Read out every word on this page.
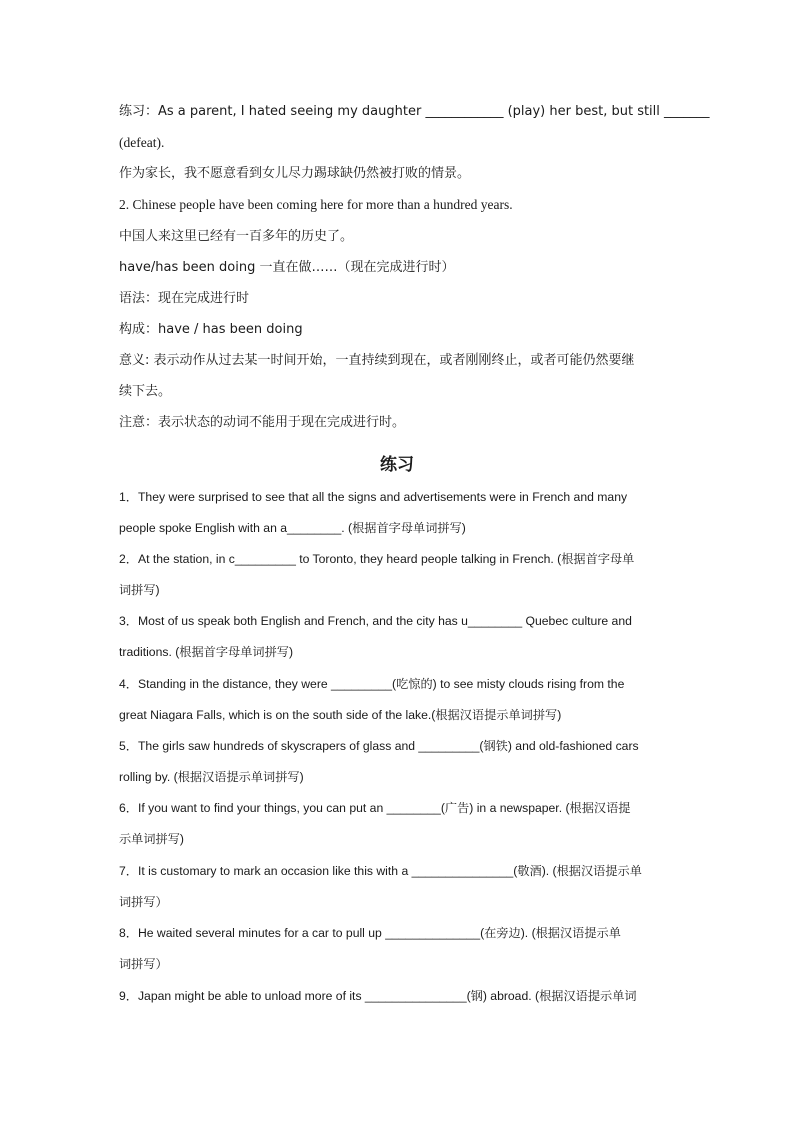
练习：As a parent, I hated seeing my daughter ____________ (play) her best, but still _______
(defeat).
作为家长，我不愿意看到女儿尽力踢球缺仍然被打败的情景。
2. Chinese people have been coming here for more than a hundred years.
中国人来这里已经有一百多年的历史了。
have/has been doing 一直在做……（现在完成进行时）
语法：现在完成进行时
构成：have / has been doing
意义: 表示动作从过去某一时间开始，一直持续到现在，或者刚刚终止，或者可能仍然要继
续下去。
注意：表示状态的动词不能用于现在完成进行时。
练习
1．They were surprised to see that all the signs and advertisements were in French and many
people spoke English with an a________. (根据首字母单词拼写)
2．At the station, in c_________ to Toronto, they heard people talking in French. (根据首字母单
词拼写)
3．Most of us speak both English and French, and the city has u________ Quebec culture and
traditions. (根据首字母单词拼写)
4．Standing in the distance, they were _________(吃惊的) to see misty clouds rising from the
great Niagara Falls, which is on the south side of the lake.(根据汉语提示单词拼写)
5．The girls saw hundreds of skyscrapers of glass and _________(钢铁) and old-fashioned cars
rolling by. (根据汉语提示单词拼写)
6．If you want to find your things, you can put an ________(广告) in a newspaper. (根据汉语提
示单词拼写)
7．It is customary to mark an occasion like this with a _______________(敬酒). (根据汉语提示单
词拼写）
8．He waited several minutes for a car to pull up ______________(在旁边). (根据汉语提示单
词拼写）
9．Japan might be able to unload more of its _______________(钢) abroad. (根据汉语提示单词
